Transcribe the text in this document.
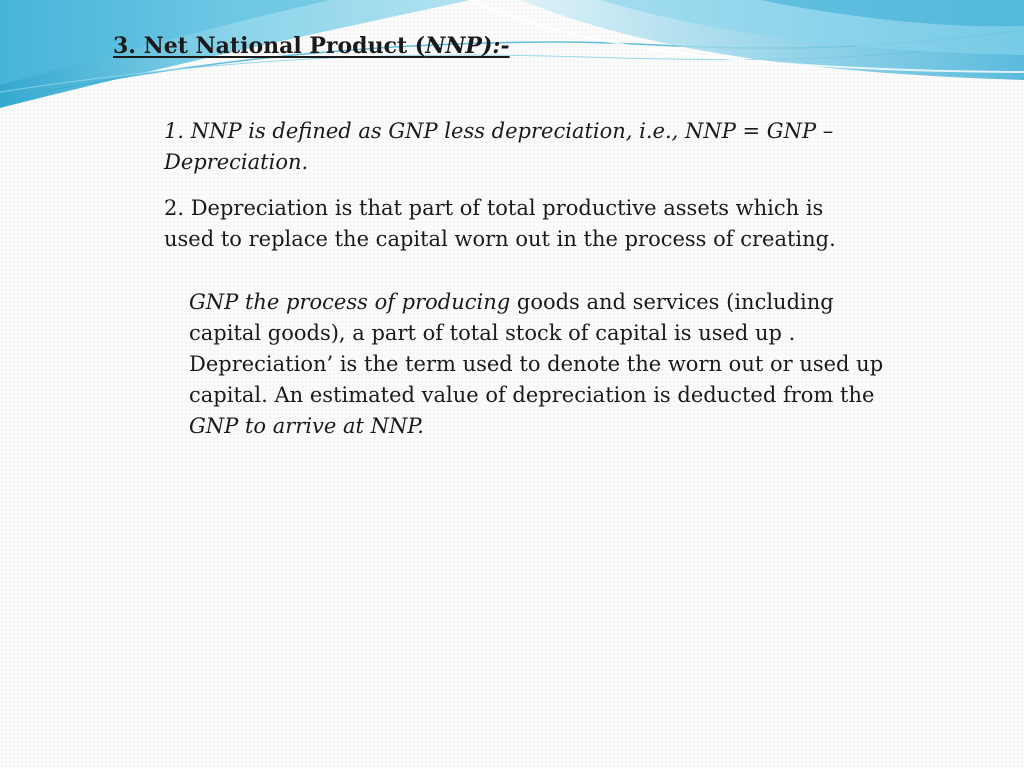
3. Net National Product (NNP):-

1. NNP is defined as GNP less depreciation, i.e., NNP = GNP – Depreciation.

2. Depreciation is that part of total productive assets which is used to replace the capital worn out in the process of creating.

GNP the process of producing goods and services (including capital goods), a part of total stock of capital is used up . Depreciation’ is the term used to denote the worn out or used up capital. An estimated value of depreciation is deducted from the GNP to arrive at NNP.
